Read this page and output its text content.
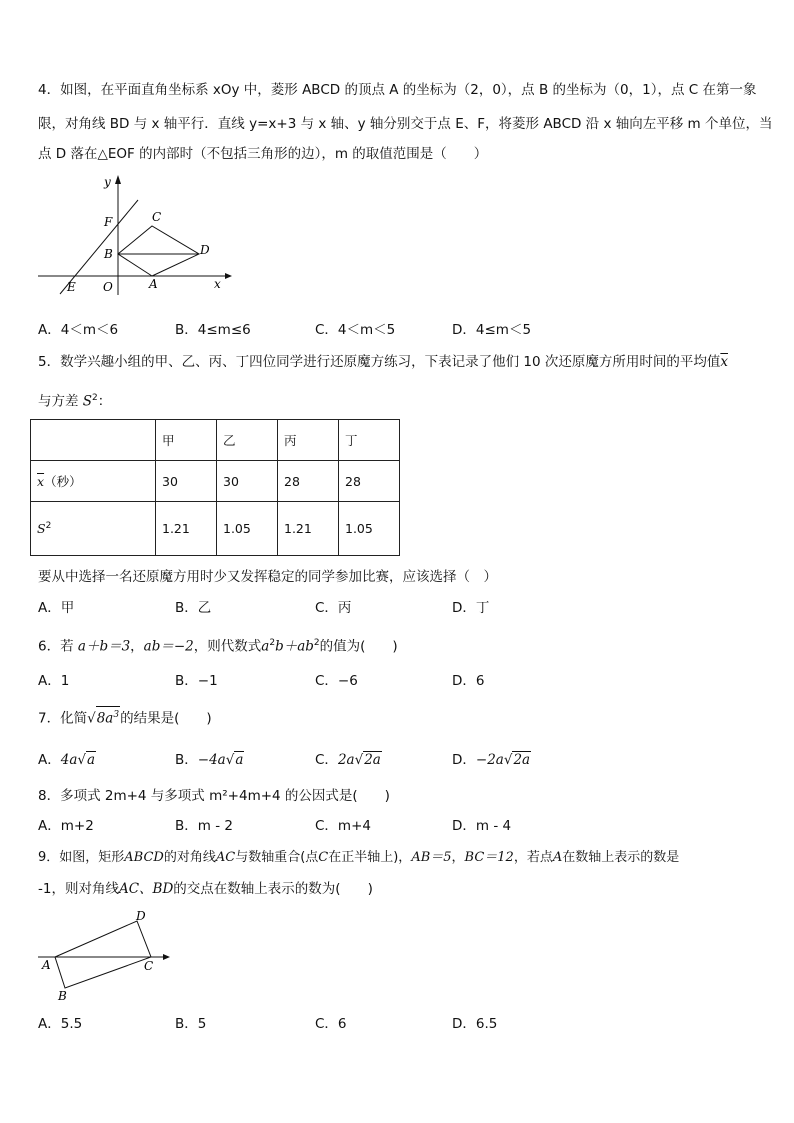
4．如图，在平面直角坐标系 xOy 中，菱形 ABCD 的顶点 A 的坐标为（2，0），点 B 的坐标为（0，1），点 C 在第一象
限，对角线 BD 与 x 轴平行．直线 y=x+3 与 x 轴、y 轴分别交于点 E、F，将菱形 ABCD 沿 x 轴向左平移 m 个单位，当
点 D 落在△EOF 的内部时（不包括三角形的边），m 的取值范围是（　　）
y
x
F	C
B	D
E O	A
A．4＜m＜6	B．4≤m≤6	C．4＜m＜5	D．4≤m＜5
5．数学兴趣小组的甲、乙、丙、丁四位同学进行还原魔方练习，下表记录了他们 10 次还原魔方所用时间的平均值$\overline{x}$
与方差 $S^2$：
	甲	乙	丙	丁
$\overline{x}$（秒）	30	30	28	28
$S^2$	1.21	1.05	1.21	1.05
要从中选择一名还原魔方用时少又发挥稳定的同学参加比赛，应该选择（　）
A．甲	B．乙	C．丙	D．丁
6．若 a＋b＝3，ab＝−2，则代数式$a^2b+ab^2$的值为(　　)
A．1	B．−1	C．−6	D．6
7．化简$√8a^3$的结果是(　　)
A．4a√a	B．−4a√a	C．2a√2a	D．−2a√2a
8．多项式 2m+4 与多项式 m²+4m+4 的公因式是(　　)
A．m+2	B．m - 2	C．m+4	D．m - 4
9．如图，矩形ABCD的对角线AC与数轴重合(点C在正半轴上)，AB＝5，BC＝12，若点A在数轴上表示的数是
-1，则对角线AC、BD的交点在数轴上表示的数为(　　)
D
A	C
B
A．5.5	B．5	C．6	D．6.5
